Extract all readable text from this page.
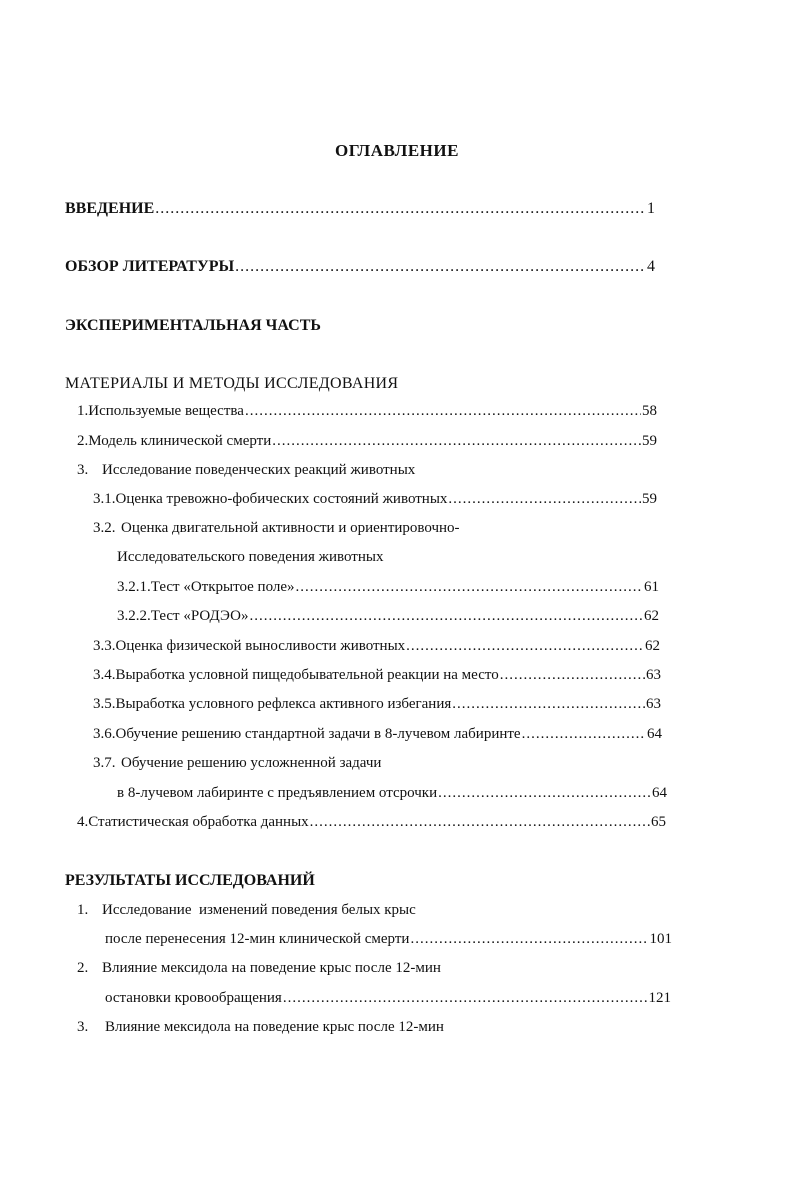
ОГЛАВЛЕНИЕ
ВВЕДЕНИЕ .....	1
ОБЗОР ЛИТЕРАТУРЫ .....	4
ЭКСПЕРИМЕНТАЛЬНАЯ ЧАСТЬ
МАТЕРИАЛЫ И МЕТОДЫ ИССЛЕДОВАНИЯ
1. Используемые вещества .....	58
2. Модель клинической смерти .....	59
3. Исследование поведенческих реакций животных
3.1. Оценка тревожно-фобических состояний животных .....	59
3.2. Оценка двигательной активности и ориентировочно-
Исследовательского поведения животных
3.2.1. Тест «Открытое поле» .....	61
3.2.2. Тест «РОДЭО» .....	62
3.3. Оценка физической выносливости животных .....	62
3.4. Выработка условной пищедобывательной реакции на место .....	63
3.5. Выработка условного рефлекса активного избегания .....	63
3.6. Обучение решению стандартной задачи в 8-лучевом лабиринте .....	64
3.7. Обучение решению усложненной задачи
в 8-лучевом лабиринте с предъявлением отсрочки .....	64
4. Статистическая обработка данных .....	65
РЕЗУЛЬТАТЫ ИССЛЕДОВАНИЙ
1. Исследование  изменений поведения белых крыс
после перенесения 12-мин клинической смерти .....	101
2. Влияние мексидола на поведение крыс после 12-мин
остановки кровообращения .....	121
3. Влияние мексидола на поведение крыс после 12-мин
